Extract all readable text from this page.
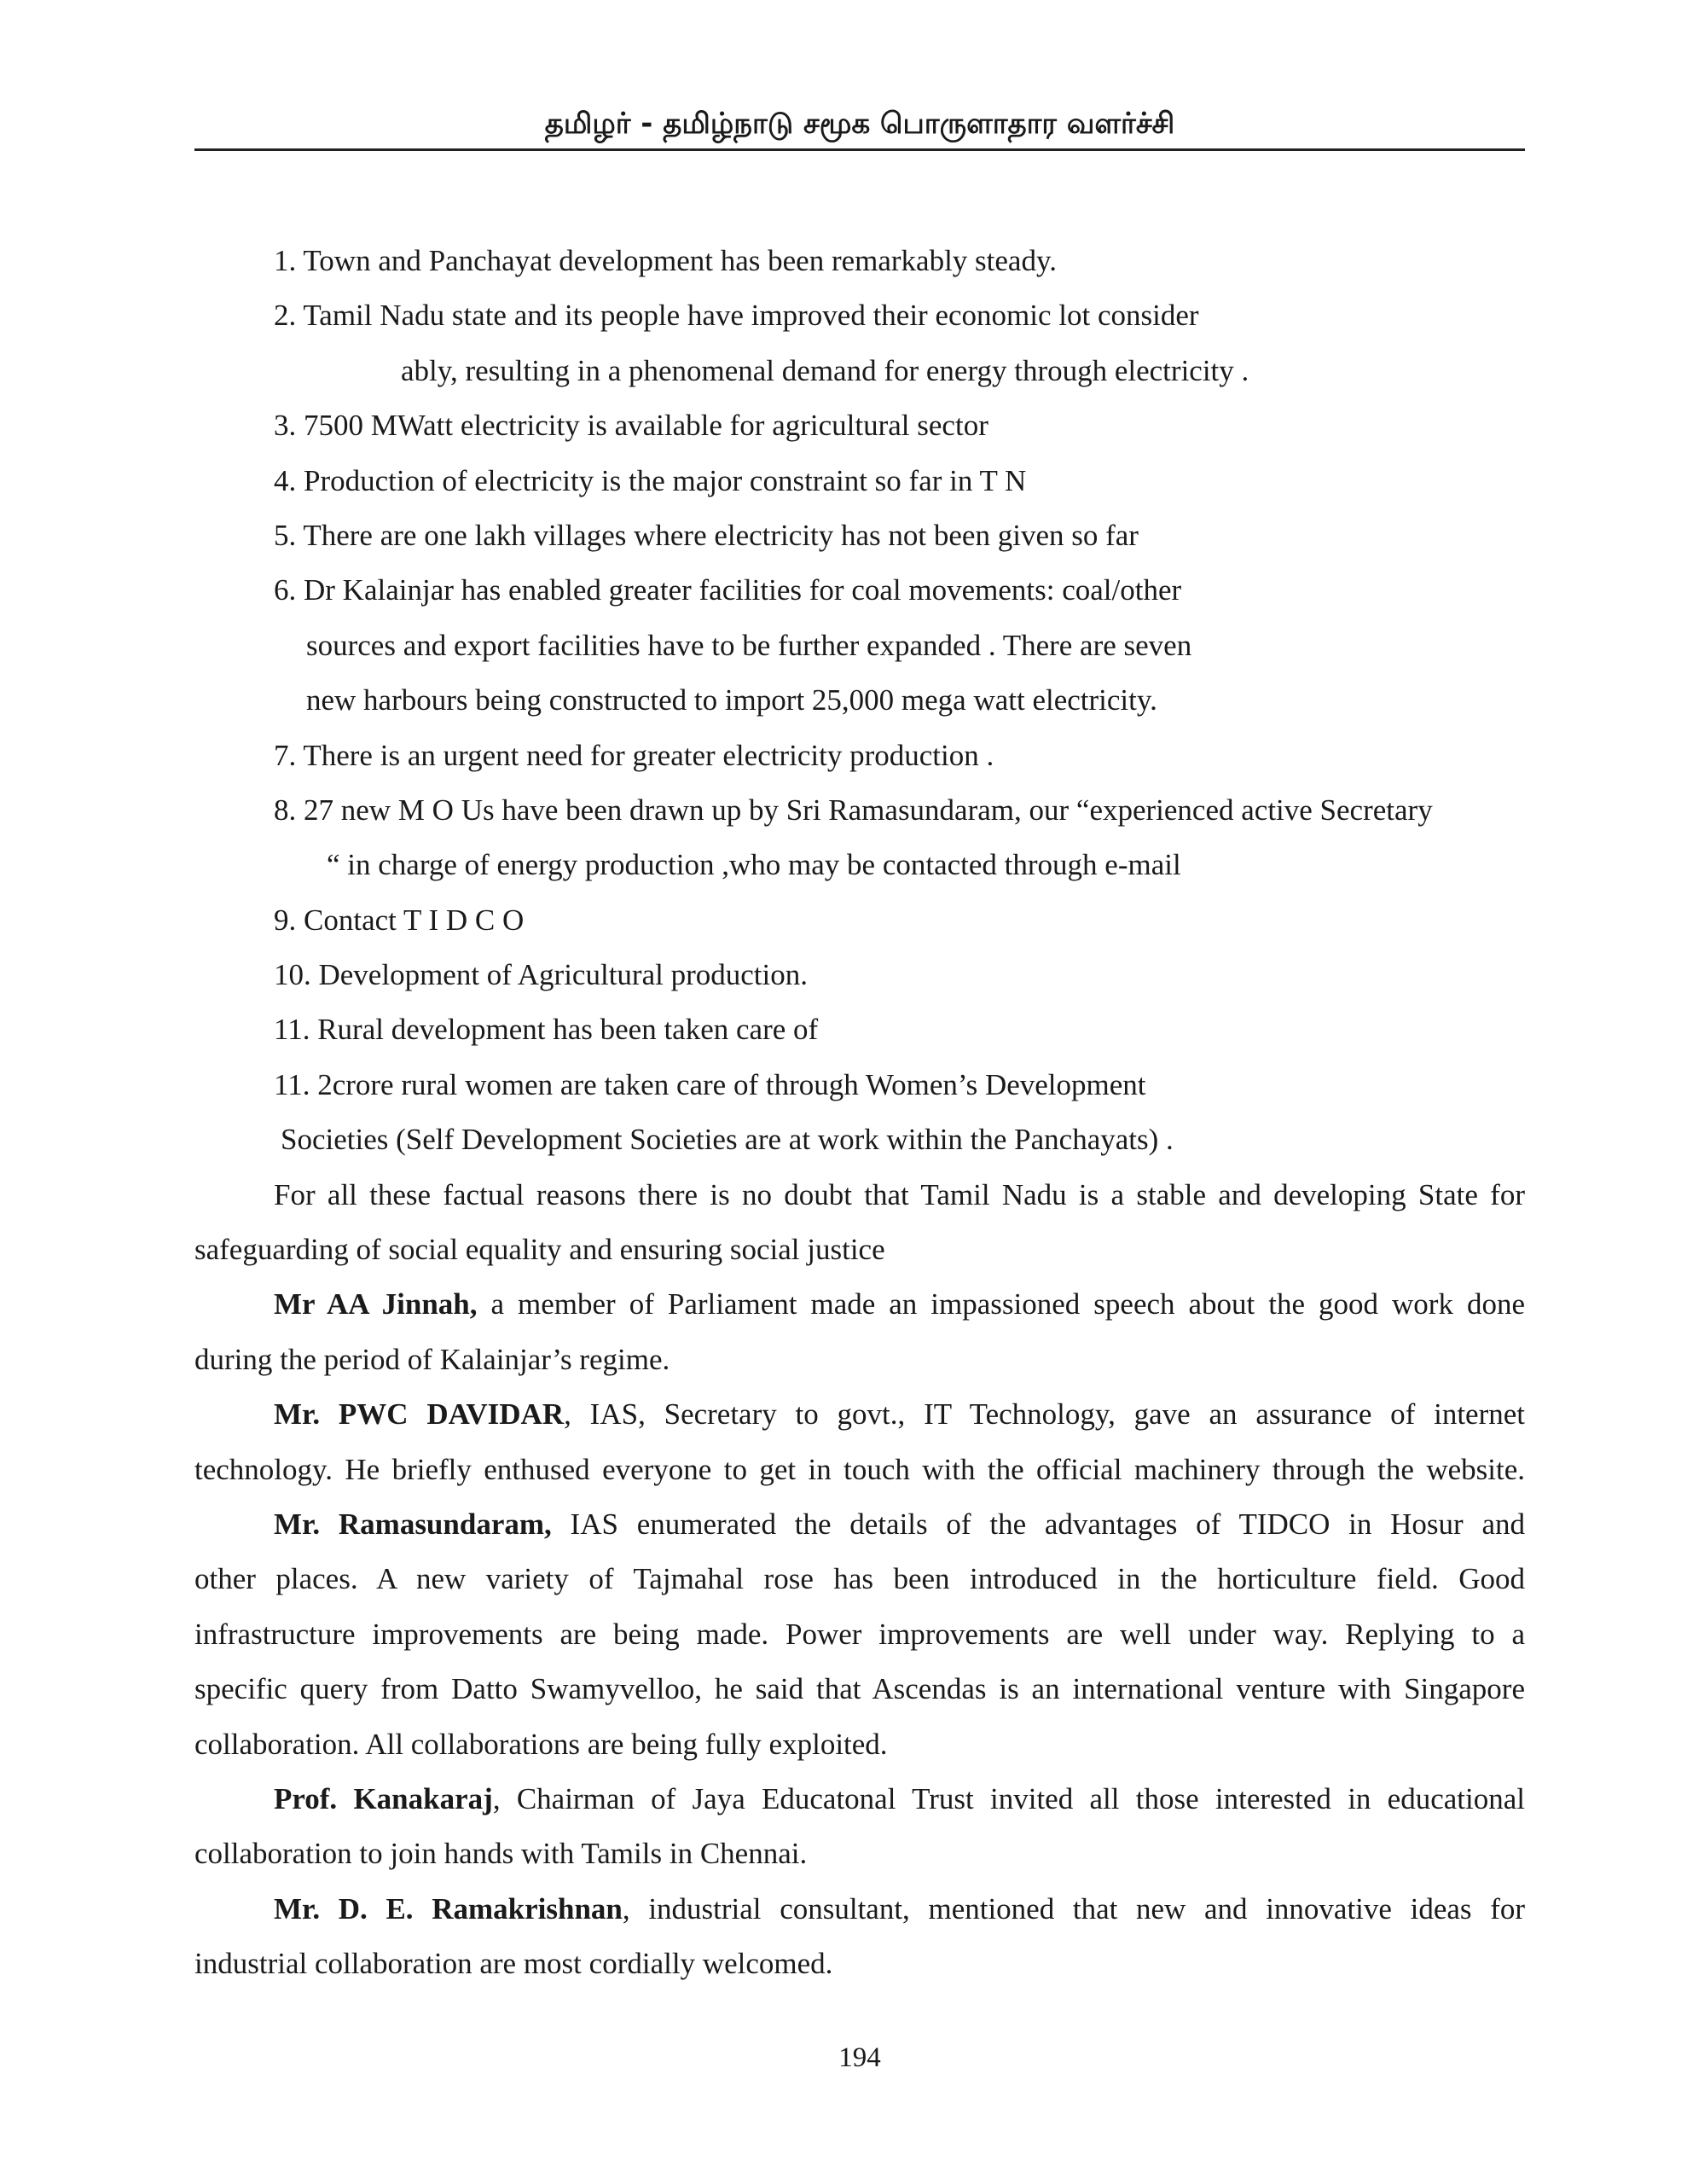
தமிழர் - தமிழ்நாடு சமூக பொருளாதார வளர்ச்சி
1. Town and Panchayat development has been remarkably steady.
2. Tamil Nadu state and its people have improved their economic lot consider
ably, resulting in a phenomenal demand for energy through electricity .
3. 7500 MWatt electricity is available for agricultural sector
4. Production of electricity is the major constraint so far in T N
5. There are one lakh villages where electricity has not been given so far
6. Dr Kalainjar has enabled greater facilities for coal movements: coal/other
sources and export facilities have to be further expanded . There are seven
new harbours being constructed to import 25,000 mega watt electricity.
7. There is an urgent need for greater electricity production .
8. 27 new M O Us have been drawn up by Sri Ramasundaram, our “experienced active Secretary
“ in charge of energy production ,who may be contacted through e-mail
9. Contact T I D C O
10. Development of Agricultural production.
11. Rural development has been taken care of
11. 2crore rural women are taken care of through Women’s Development
Societies (Self Development Societies are at work within the Panchayats) .
For all these factual reasons there is no doubt that Tamil Nadu is a stable and developing State for
safeguarding of social equality and ensuring social justice
Mr AA Jinnah, a member of Parliament made an impassioned speech about the good work done
during the period of Kalainjar’s regime.
Mr. PWC DAVIDAR, IAS, Secretary to govt., IT Technology, gave an assurance of internet
technology. He briefly enthused everyone to get in touch with the official machinery through the website.
Mr. Ramasundaram, IAS enumerated the details of the advantages of TIDCO in Hosur and
other places. A new variety of Tajmahal rose has been introduced in the horticulture field. Good
infrastructure improvements are being made. Power improvements are well under way. Replying to a
specific query from Datto Swamyvelloo, he said that Ascendas is an international venture with Singapore
collaboration. All collaborations are being fully exploited.
Prof. Kanakaraj, Chairman of Jaya Educatonal Trust invited all those interested in educational
collaboration to join hands with Tamils in Chennai.
Mr. D. E. Ramakrishnan, industrial consultant, mentioned that new and innovative ideas for
industrial collaboration are most cordially welcomed.
194
